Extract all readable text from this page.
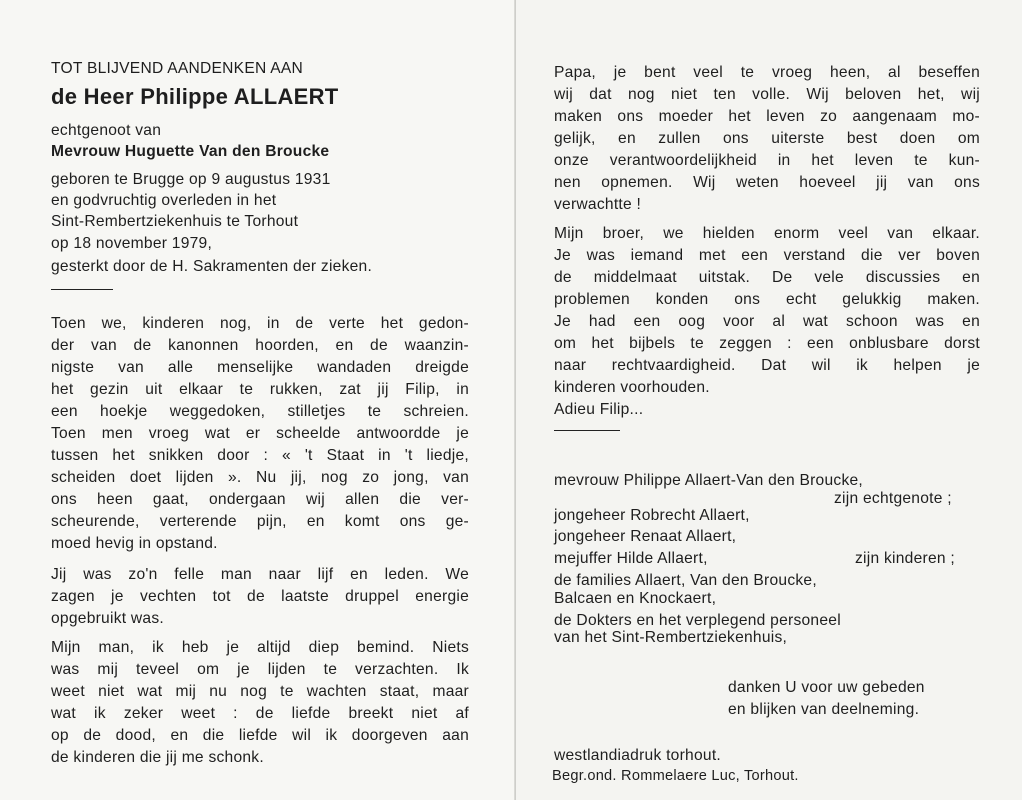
TOT BLIJVEND AANDENKEN AAN
de Heer Philippe ALLAERT
echtgenoot van
Mevrouw Huguette Van den Broucke
geboren te Brugge op 9 augustus 1931
en godvruchtig overleden in het
Sint-Rembertziekenhuis te Torhout
op 18 november 1979,
gesterkt door de H. Sakramenten der zieken.
Toen we, kinderen nog, in de verte het gedon-
der van de kanonnen hoorden, en de waanzin-
nigste van alle menselijke wandaden dreigde
het gezin uit elkaar te rukken, zat jij Filip, in
een hoekje weggedoken, stilletjes te schreien.
Toen men vroeg wat er scheelde antwoordde je
tussen het snikken door : « 't Staat in 't liedje,
scheiden doet lijden ». Nu jij, nog zo jong, van
ons heen gaat, ondergaan wij allen die ver-
scheurende, verterende pijn, en komt ons ge-
moed hevig in opstand.
Jij was zo'n felle man naar lijf en leden. We
zagen je vechten tot de laatste druppel energie
opgebruikt was.
Mijn man, ik heb je altijd diep bemind. Niets
was mij teveel om je lijden te verzachten. Ik
weet niet wat mij nu nog te wachten staat, maar
wat ik zeker weet : de liefde breekt niet af
op de dood, en die liefde wil ik doorgeven aan
de kinderen die jij me schonk.
Papa, je bent veel te vroeg heen, al beseffen
wij dat nog niet ten volle. Wij beloven het, wij
maken ons moeder het leven zo aangenaam mo-
gelijk, en zullen ons uiterste best doen om
onze verantwoordelijkheid in het leven te kun-
nen opnemen. Wij weten hoeveel jij van ons
verwachtte !
Mijn broer, we hielden enorm veel van elkaar.
Je was iemand met een verstand die ver boven
de middelmaat uitstak. De vele discussies en
problemen konden ons echt gelukkig maken.
Je had een oog voor al wat schoon was en
om het bijbels te zeggen : een onblusbare dorst
naar rechtvaardigheid. Dat wil ik helpen je
kinderen voorhouden.
Adieu Filip...
mevrouw Philippe Allaert-Van den Broucke,
zijn echtgenote ;
jongeheer Robrecht Allaert,
jongeheer Renaat Allaert,
mejuffer Hilde Allaert,	zijn kinderen ;
de families Allaert, Van den Broucke,
Balcaen en Knockaert,
de Dokters en het verplegend personeel
van het Sint-Rembertziekenhuis,
danken U voor uw gebeden
en blijken van deelneming.
westlandiadruk torhout.
Begr.ond. Rommelaere Luc, Torhout.
